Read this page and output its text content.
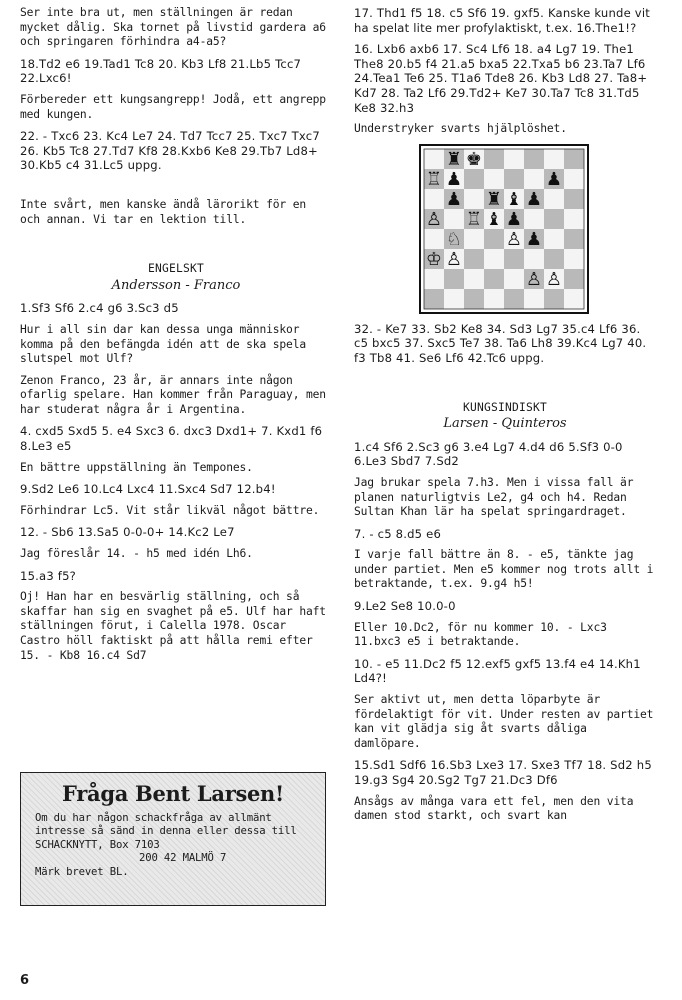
Ser inte bra ut, men ställningen är redan mycket dålig. Ska tornet på livstid gardera a6 och springaren förhindra a4-a5?

18.Td2 e6 19.Tad1 Tc8 20. Kb3 Lf8 21.Lb5 Tcc7 22.Lxc6!

Förbereder ett kungsangrepp! Jodå, ett angrepp med kungen.

22. - Txc6 23. Kc4 Le7 24. Td7 Tcc7 25. Txc7 Txc7 26. Kb5 Tc8 27.Td7 Kf8 28.Kxb6 Ke8 29.Tb7 Ld8+ 30.Kb5 c4 31.Lc5 uppg.

Inte svårt, men kanske ändå lärorikt för en och annan. Vi tar en lektion till.

ENGELSKT

Andersson - Franco

1.Sf3 Sf6 2.c4 g6 3.Sc3 d5

Hur i all sin dar kan dessa unga människor komma på den befängda idén att de ska spela slutspel mot Ulf?

Zenon Franco, 23 år, är annars inte någon ofarlig spelare. Han kommer från Paraguay, men har studerat några år i Argentina.

4. cxd5 Sxd5 5. e4 Sxc3 6. dxc3 Dxd1+ 7. Kxd1 f6 8.Le3 e5

En bättre uppställning än Tempones.

9.Sd2 Le6 10.Lc4 Lxc4 11.Sxc4 Sd7 12.b4!

Förhindrar Lc5. Vit står likväl något bättre.

12. - Sb6 13.Sa5 0-0-0+ 14.Kc2 Le7

Jag föreslår 14. - h5 med idén Lh6.

15.a3 f5?

Oj! Han har en besvärlig ställning, och så skaffar han sig en svaghet på e5. Ulf har haft ställningen förut, i Calella 1978. Oscar Castro höll faktiskt på att hålla remi efter 15. - Kb8 16.c4 Sd7

Fråga Bent Larsen!
Om du har någon schackfråga av allmänt intresse så sänd in denna eller dessa till SCHACKNYTT, Box 7103
200 42 MALMÖ 7
Märk brevet BL.

17. Thd1 f5 18. c5 Sf6 19. gxf5. Kanske kunde vit ha spelat lite mer profylaktiskt, t.ex. 16.The1!?

16. Lxb6 axb6 17. Sc4 Lf6 18. a4 Lg7 19. The1 The8 20.b5 f4 21.a5 bxa5 22.Txa5 b6 23.Ta7 Lf6 24.Tea1 Te6 25. T1a6 Tde8 26. Kb3 Ld8 27. Ta8+ Kd7 28. Ta2 Lf6 29.Td2+ Ke7 30.Ta7 Tc8 31.Td5 Ke8 32.h3

Understryker svarts hjälplöshet.

♜ ♚
♖ ♟	♟
♟ ♜ ♝ ♟
♙ ♖ ♝ ♟
♘ ♙ ♟
♔ ♙
♙ ♙

32. - Ke7 33. Sb2 Ke8 34. Sd3 Lg7 35.c4 Lf6 36. c5 bxc5 37. Sxc5 Te7 38. Ta6 Lh8 39.Kc4 Lg7 40. f3 Tb8 41. Se6 Lf6 42.Tc6 uppg.

KUNGSINDISKT

Larsen - Quinteros

1.c4 Sf6 2.Sc3 g6 3.e4 Lg7 4.d4 d6 5.Sf3 0-0 6.Le3 Sbd7 7.Sd2

Jag brukar spela 7.h3. Men i vissa fall är planen naturligtvis Le2, g4 och h4. Redan Sultan Khan lär ha spelat springardraget.

7. - c5 8.d5 e6

I varje fall bättre än 8. - e5, tänkte jag under partiet. Men e5 kommer nog trots allt i betraktande, t.ex. 9.g4 h5!

9.Le2 Se8 10.0-0

Eller 10.Dc2, för nu kommer 10. - Lxc3 11.bxc3 e5 i betraktande.

10. - e5 11.Dc2 f5 12.exf5 gxf5 13.f4 e4 14.Kh1 Ld4?!

Ser aktivt ut, men detta löparbyte är fördelaktigt för vit. Under resten av partiet kan vit glädja sig åt svarts dåliga damlöpare.

15.Sd1 Sdf6 16.Sb3 Lxe3 17. Sxe3 Tf7 18. Sd2 h5 19.g3 Sg4 20.Sg2 Tg7 21.Dc3 Df6

Ansågs av många vara ett fel, men den vita damen stod starkt, och svart kan

6
